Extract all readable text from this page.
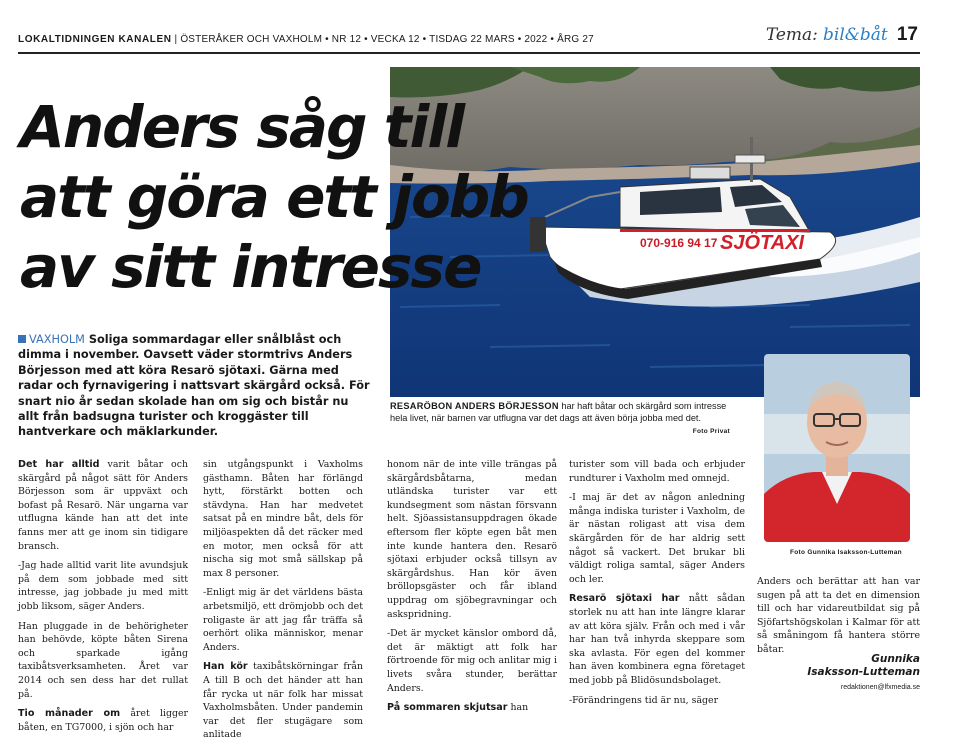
LOKALTIDNINGEN KANALEN | ÖSTERÅKER OCH VAXHOLM • NR 12 • VECKA 12 • TISDAG 22 MARS • 2022 • ÅRG 27	Tema: bil&båt 17
070-916 94 17 SJÖTAXI
Anders såg till
att göra ett jobb
av sitt intresse
VAXHOLM Soliga sommardagar eller snålblåst och dimma i november. Oavsett väder stormtrivs Anders Börjesson med att köra Resarö sjötaxi. Gärna med radar och fyrnavigering i nattsvart skärgård också. För snart nio år sedan skolade han om sig och bistår nu allt från badsugna turister och kroggäster till hantverkare och mäklarkunder.
RESARÖBON ANDERS BÖRJESSON har haft båtar och skärgård som intresse hela livet, när barnen var utflugna var det dags att även börja jobba med det.
Foto Privat
Foto Gunnika Isaksson-Lutteman

Det har alltid varit båtar och skärgård på något sätt för Anders Börjesson som är uppväxt och bofast på Resarö. När ungarna var utflugna kände han att det inte fanns mer att ge inom sin tidigare bransch.

-Jag hade alltid varit lite avundsjuk på dem som jobbade med sitt intresse, jag jobbade ju med mitt jobb liksom, säger Anders.

Han pluggade in de behörigheter han behövde, köpte båten Sirena och sparkade igång taxibåtsverksamheten. Året var 2014 och sen dess har det rullat på.

Tio månader om året ligger båten, en TG7000, i sjön och har

sin utgångspunkt i Vaxholms gästhamn. Båten har förlängd hytt, förstärkt botten och stävdyna. Han har medvetet satsat på en mindre båt, dels för miljöaspekten då det räcker med en motor, men också för att nischa sig mot små sällskap på max 8 personer.

-Enligt mig är det världens bästa arbetsmiljö, ett drömjobb och det roligaste är att jag får träffa så oerhört olika människor, menar Anders.

Han kör taxibåtskörningar från A till B och det händer att han får rycka ut när folk har missat Vaxholmsbåten. Under pandemin var det fler stugägare som anlitade

honom när de inte ville trängas på skärgårdsbåtarna, medan utländska turister var ett kundsegment som nästan försvann helt. Sjöassistansuppdragen ökade eftersom fler köpte egen båt men inte kunde hantera den. Resarö sjötaxi erbjuder också tillsyn av skärgårdshus. Han kör även bröllopsgäster och får ibland uppdrag om sjöbegravningar och askspridning.

-Det är mycket känslor ombord då, det är mäktigt att folk har förtroende för mig och anlitar mig i livets svåra stunder, berättar Anders.

På sommaren skjutsar han

turister som vill bada och erbjuder rundturer i Vaxholm med omnejd.

-I maj är det av någon anledning många indiska turister i Vaxholm, de är nästan roligast att visa dem skärgården för de har aldrig sett något så vackert. Det brukar bli väldigt roliga samtal, säger Anders och ler.

Resarö sjötaxi har nått sådan storlek nu att han inte längre klarar av att köra själv. Från och med i vår har han två inhyrda skeppare som ska avlasta. För egen del kommer han även kombinera egna företaget med jobb på Blidösundsbolaget.

-Förändringens tid är nu, säger

Anders och berättar att han var sugen på att ta det en dimension till och har vidareutbildat sig på Sjöfartshögskolan i Kalmar för att så småningom få hantera större båtar.

Gunnika
Isaksson-Lutteman
redaktionen@lfxmedia.se
